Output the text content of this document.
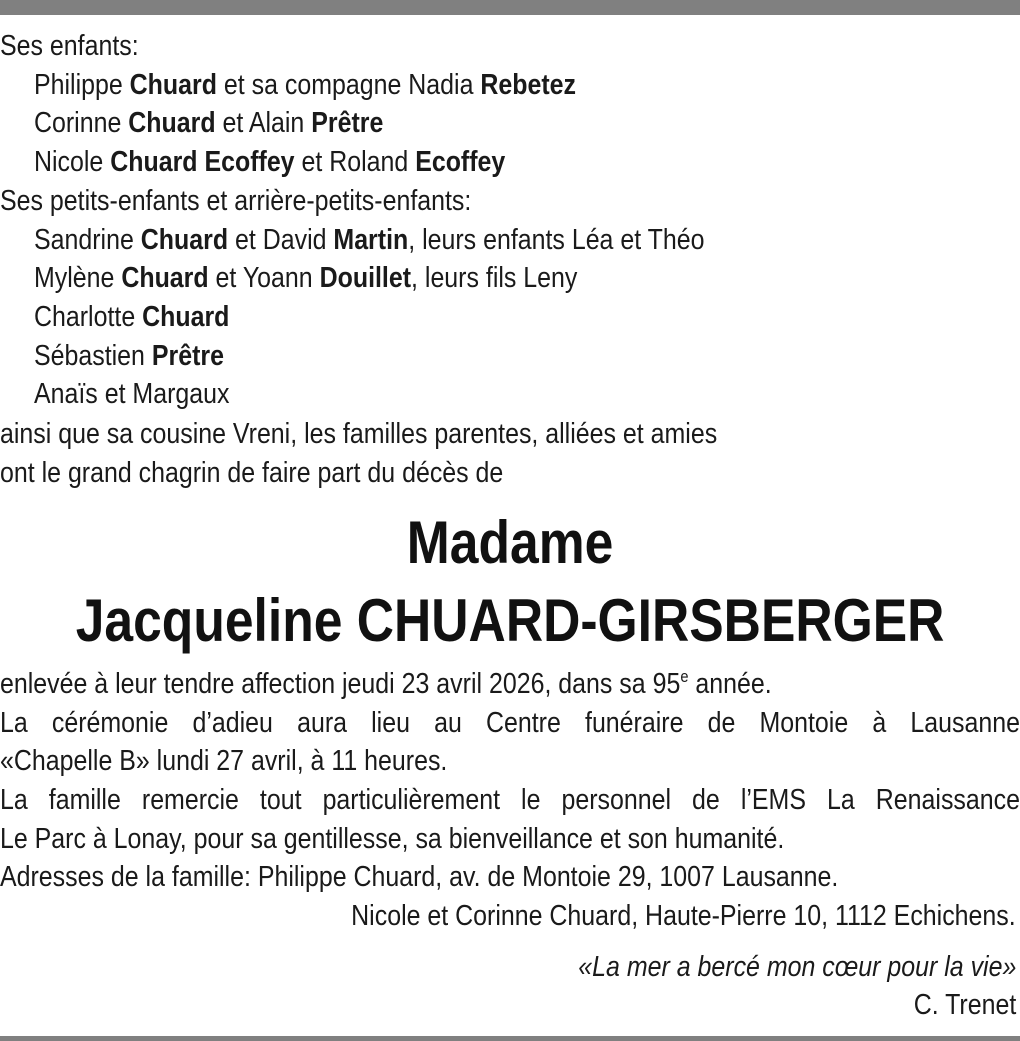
Ses enfants:
Philippe Chuard et sa compagne Nadia Rebetez
Corinne Chuard et Alain Prêtre
Nicole Chuard Ecoffey et Roland Ecoffey
Ses petits-enfants et arrière-petits-enfants:
Sandrine Chuard et David Martin, leurs enfants Léa et Théo
Mylène Chuard et Yoann Douillet, leurs fils Leny
Charlotte Chuard
Sébastien Prêtre
Anaïs et Margaux
ainsi que sa cousine Vreni, les familles parentes, alliées et amies
ont le grand chagrin de faire part du décès de
Madame
Jacqueline CHUARD-GIRSBERGER
enlevée à leur tendre affection jeudi 23 avril 2026, dans sa 95e année.
La cérémonie d’adieu aura lieu au Centre funéraire de Montoie à Lausanne
«Chapelle B» lundi 27 avril, à 11 heures.
La famille remercie tout particulièrement le personnel de l’EMS La Renaissance
Le Parc à Lonay, pour sa gentillesse, sa bienveillance et son humanité.
Adresses de la famille: Philippe Chuard, av. de Montoie 29, 1007 Lausanne.
Nicole et Corinne Chuard, Haute-Pierre 10, 1112 Echichens.
«La mer a bercé mon cœur pour la vie»
C. Trenet
